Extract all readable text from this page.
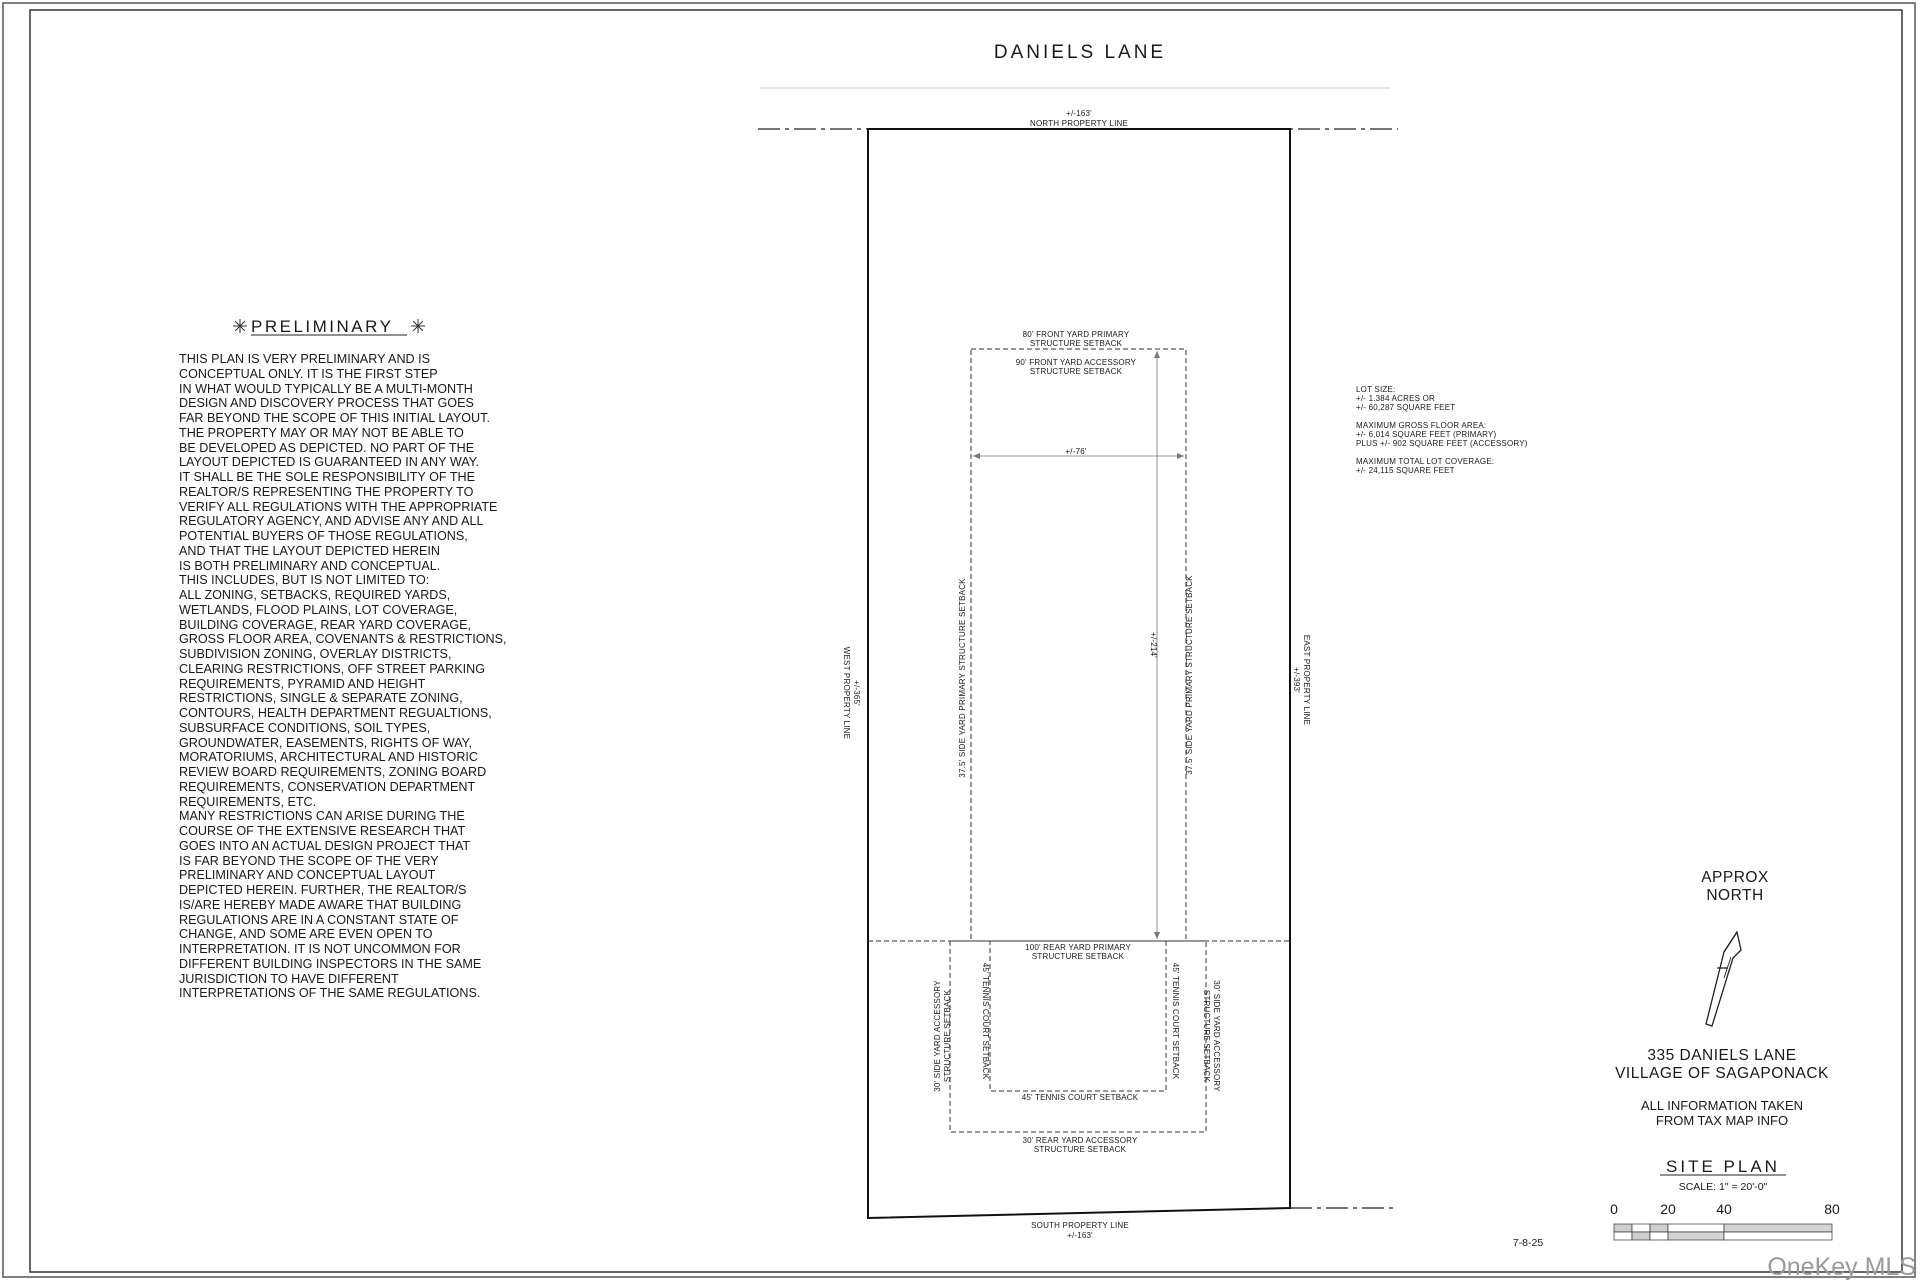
DANIELS LANE
+/-163'
NORTH PROPERTY LINE
SOUTH PROPERTY LINE
+/-163'
+/-365'
WEST PROPERTY LINE	EAST PROPERTY LINE
+/-393'
80' FRONT YARD PRIMARY
STRUCTURE SETBACK
90' FRONT YARD ACCESSORY
STRUCTURE SETBACK
+/-76'
+/-214'
37.5' SIDE YARD PRIMARY STRUCTURE SETBACK	37.5' SIDE YARD PRIMARY STRUCTURE SETBACK
100' REAR YARD PRIMARY
STRUCTURE SETBACK
30' SIDE YARD ACCESSORY STRUCTURE SETBACK	30' SIDE YARD ACCESSORY
STRUCTURE SETBACK
45' TENNIS COURT SETBACK	45' TENNIS COURT SETBACK
45' TENNIS COURT SETBACK
30' REAR YARD ACCESSORY
STRUCTURE SETBACK
LOT SIZE:
+/- 1.384 ACRES OR
+/- 60,287 SQUARE FEET
MAXIMUM GROSS FLOOR AREA:
+/- 6,014 SQUARE FEET (PRIMARY)
PLUS +/- 902 SQUARE FEET (ACCESSORY)
MAXIMUM TOTAL LOT COVERAGE:
+/- 24,115 SQUARE FEET
PRELIMINARY
THIS PLAN IS VERY PRELIMINARY AND IS
CONCEPTUAL ONLY. IT IS THE FIRST STEP
IN WHAT WOULD TYPICALLY BE A MULTI-MONTH
DESIGN AND DISCOVERY PROCESS THAT GOES
FAR BEYOND THE SCOPE OF THIS INITIAL LAYOUT.
THE PROPERTY MAY OR MAY NOT BE ABLE TO
BE DEVELOPED AS DEPICTED. NO PART OF THE
LAYOUT DEPICTED IS GUARANTEED IN ANY WAY.
IT SHALL BE THE SOLE RESPONSIBILITY OF THE
REALTOR/S REPRESENTING THE PROPERTY TO
VERIFY ALL REGULATIONS WITH THE APPROPRIATE
REGULATORY AGENCY, AND ADVISE ANY AND ALL
POTENTIAL BUYERS OF THOSE REGULATIONS,
AND THAT THE LAYOUT DEPICTED HEREIN
IS BOTH PRELIMINARY AND CONCEPTUAL.
THIS INCLUDES, BUT IS NOT LIMITED TO:
ALL ZONING, SETBACKS, REQUIRED YARDS,
WETLANDS, FLOOD PLAINS, LOT COVERAGE,
BUILDING COVERAGE, REAR YARD COVERAGE,
GROSS FLOOR AREA, COVENANTS & RESTRICTIONS,
SUBDIVISION ZONING, OVERLAY DISTRICTS,
CLEARING RESTRICTIONS, OFF STREET PARKING
REQUIREMENTS, PYRAMID AND HEIGHT
RESTRICTIONS, SINGLE & SEPARATE ZONING,
CONTOURS, HEALTH DEPARTMENT REGUALTIONS,
SUBSURFACE CONDITIONS, SOIL TYPES,
GROUNDWATER, EASEMENTS, RIGHTS OF WAY,
MORATORIUMS, ARCHITECTURAL AND HISTORIC
REVIEW BOARD REQUIREMENTS, ZONING BOARD
REQUIREMENTS, CONSERVATION DEPARTMENT
REQUIREMENTS, ETC.
MANY RESTRICTIONS CAN ARISE DURING THE
COURSE OF THE EXTENSIVE RESEARCH THAT
GOES INTO AN ACTUAL DESIGN PROJECT THAT
IS FAR BEYOND THE SCOPE OF THE VERY
PRELIMINARY AND CONCEPTUAL LAYOUT
DEPICTED HEREIN. FURTHER, THE REALTOR/S
IS/ARE HEREBY MADE AWARE THAT BUILDING
REGULATIONS ARE IN A CONSTANT STATE OF
CHANGE, AND SOME ARE EVEN OPEN TO
INTERPRETATION. IT IS NOT UNCOMMON FOR
DIFFERENT BUILDING INSPECTORS IN THE SAME
JURISDICTION TO HAVE DIFFERENT
INTERPRETATIONS OF THE SAME REGULATIONS.
APPROX
NORTH
335 DANIELS LANE
VILLAGE OF SAGAPONACK
ALL INFORMATION TAKEN
FROM TAX MAP INFO
SITE PLAN
SCALE: 1" = 20'-0"
0	20	40	80
7-8-25
OneKey MLS
